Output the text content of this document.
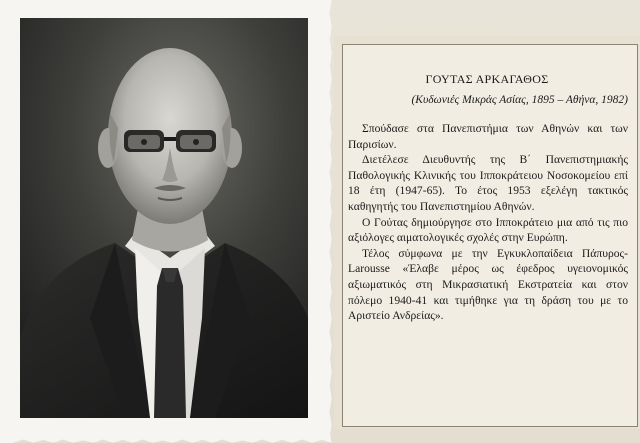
ΓΟΥΤΑΣ ΑΡΚΑΓΑΘΟΣ
(Κυδωνιές Μικράς Ασίας, 1895 – Αθήνα, 1982)

Σπούδασε στα Πανεπιστήμια των Αθηνών και των Παρισίων.

Διετέλεσε Διευθυντής της Β΄ Πανεπιστημιακής Παθολογικής Κλινικής του Ιπποκράτειου Νοσοκομείου επί 18 έτη (1947-65). Το έτος 1953 εξελέγη τακτικός καθηγητής του Πανεπιστημίου Αθηνών.

Ο Γούτας δημιούργησε στο Ιπποκράτειο μια από τις πιο αξιόλογες αιματολογικές σχολές στην Ευρώπη.

Τέλος σύμφωνα με την Εγκυκλοπαίδεια Πάπυρος-Larousse «Έλαβε μέρος ως έφεδρος υγειονομικός αξιωματικός στη Μικρασιατική Εκστρατεία και στον πόλεμο 1940-41 και τιμήθηκε για τη δράση του με το Αριστείο Ανδρείας».
